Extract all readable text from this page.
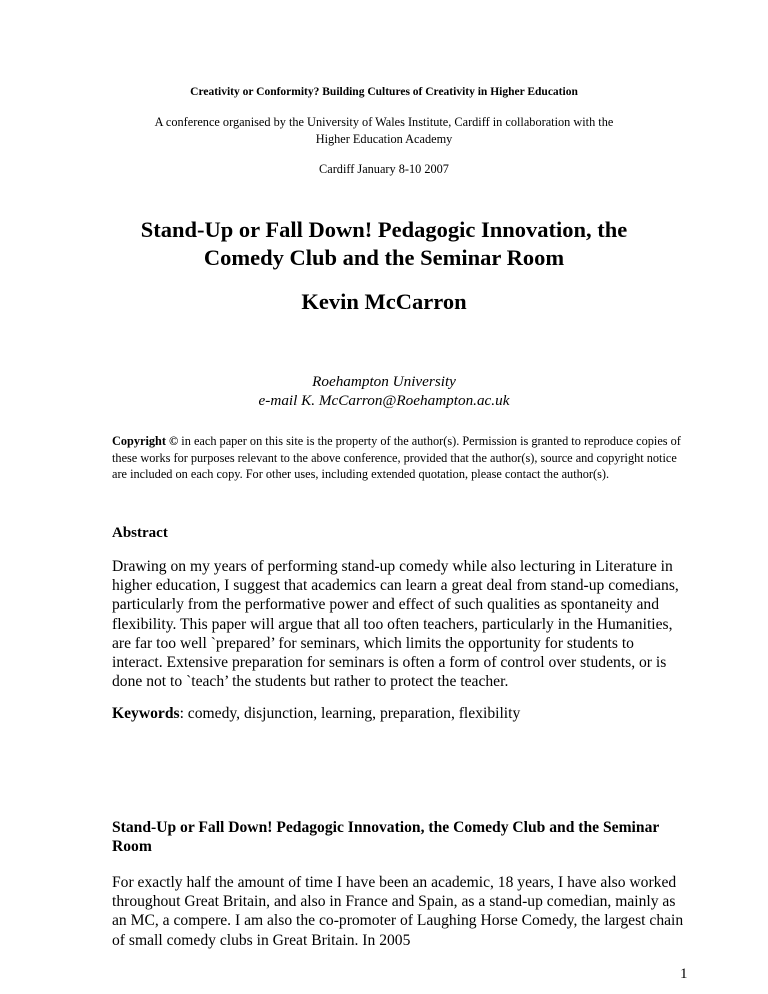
Creativity or Conformity? Building Cultures of Creativity in Higher Education
A conference organised by the University of Wales Institute, Cardiff in collaboration with the Higher Education Academy
Cardiff January 8-10 2007
Stand-Up or Fall Down! Pedagogic Innovation, the Comedy Club and the Seminar Room
Kevin McCarron
Roehampton University
e-mail K. McCarron@Roehampton.ac.uk
Copyright © in each paper on this site is the property of the author(s). Permission is granted to reproduce copies of these works for purposes relevant to the above conference, provided that the author(s), source and copyright notice are included on each copy. For other uses, including extended quotation, please contact the author(s).
Abstract
Drawing on my years of performing stand-up comedy while also lecturing in Literature in higher education, I suggest that academics can learn a great deal from stand-up comedians, particularly from the performative power and effect of such qualities as spontaneity and flexibility. This paper will argue that all too often teachers, particularly in the Humanities, are far too well `prepared’ for seminars, which limits the opportunity for students to interact. Extensive preparation for seminars is often a form of control over students, or is done not to `teach’ the students but rather to protect the teacher.
Keywords: comedy, disjunction, learning, preparation, flexibility
Stand-Up or Fall Down! Pedagogic Innovation, the Comedy Club and the Seminar Room
For exactly half the amount of time I have been an academic, 18 years, I have also worked throughout Great Britain, and also in France and Spain, as a stand-up comedian, mainly as an MC, a compere. I am also the co-promoter of Laughing Horse Comedy, the largest chain of small comedy clubs in Great Britain. In 2005
1
